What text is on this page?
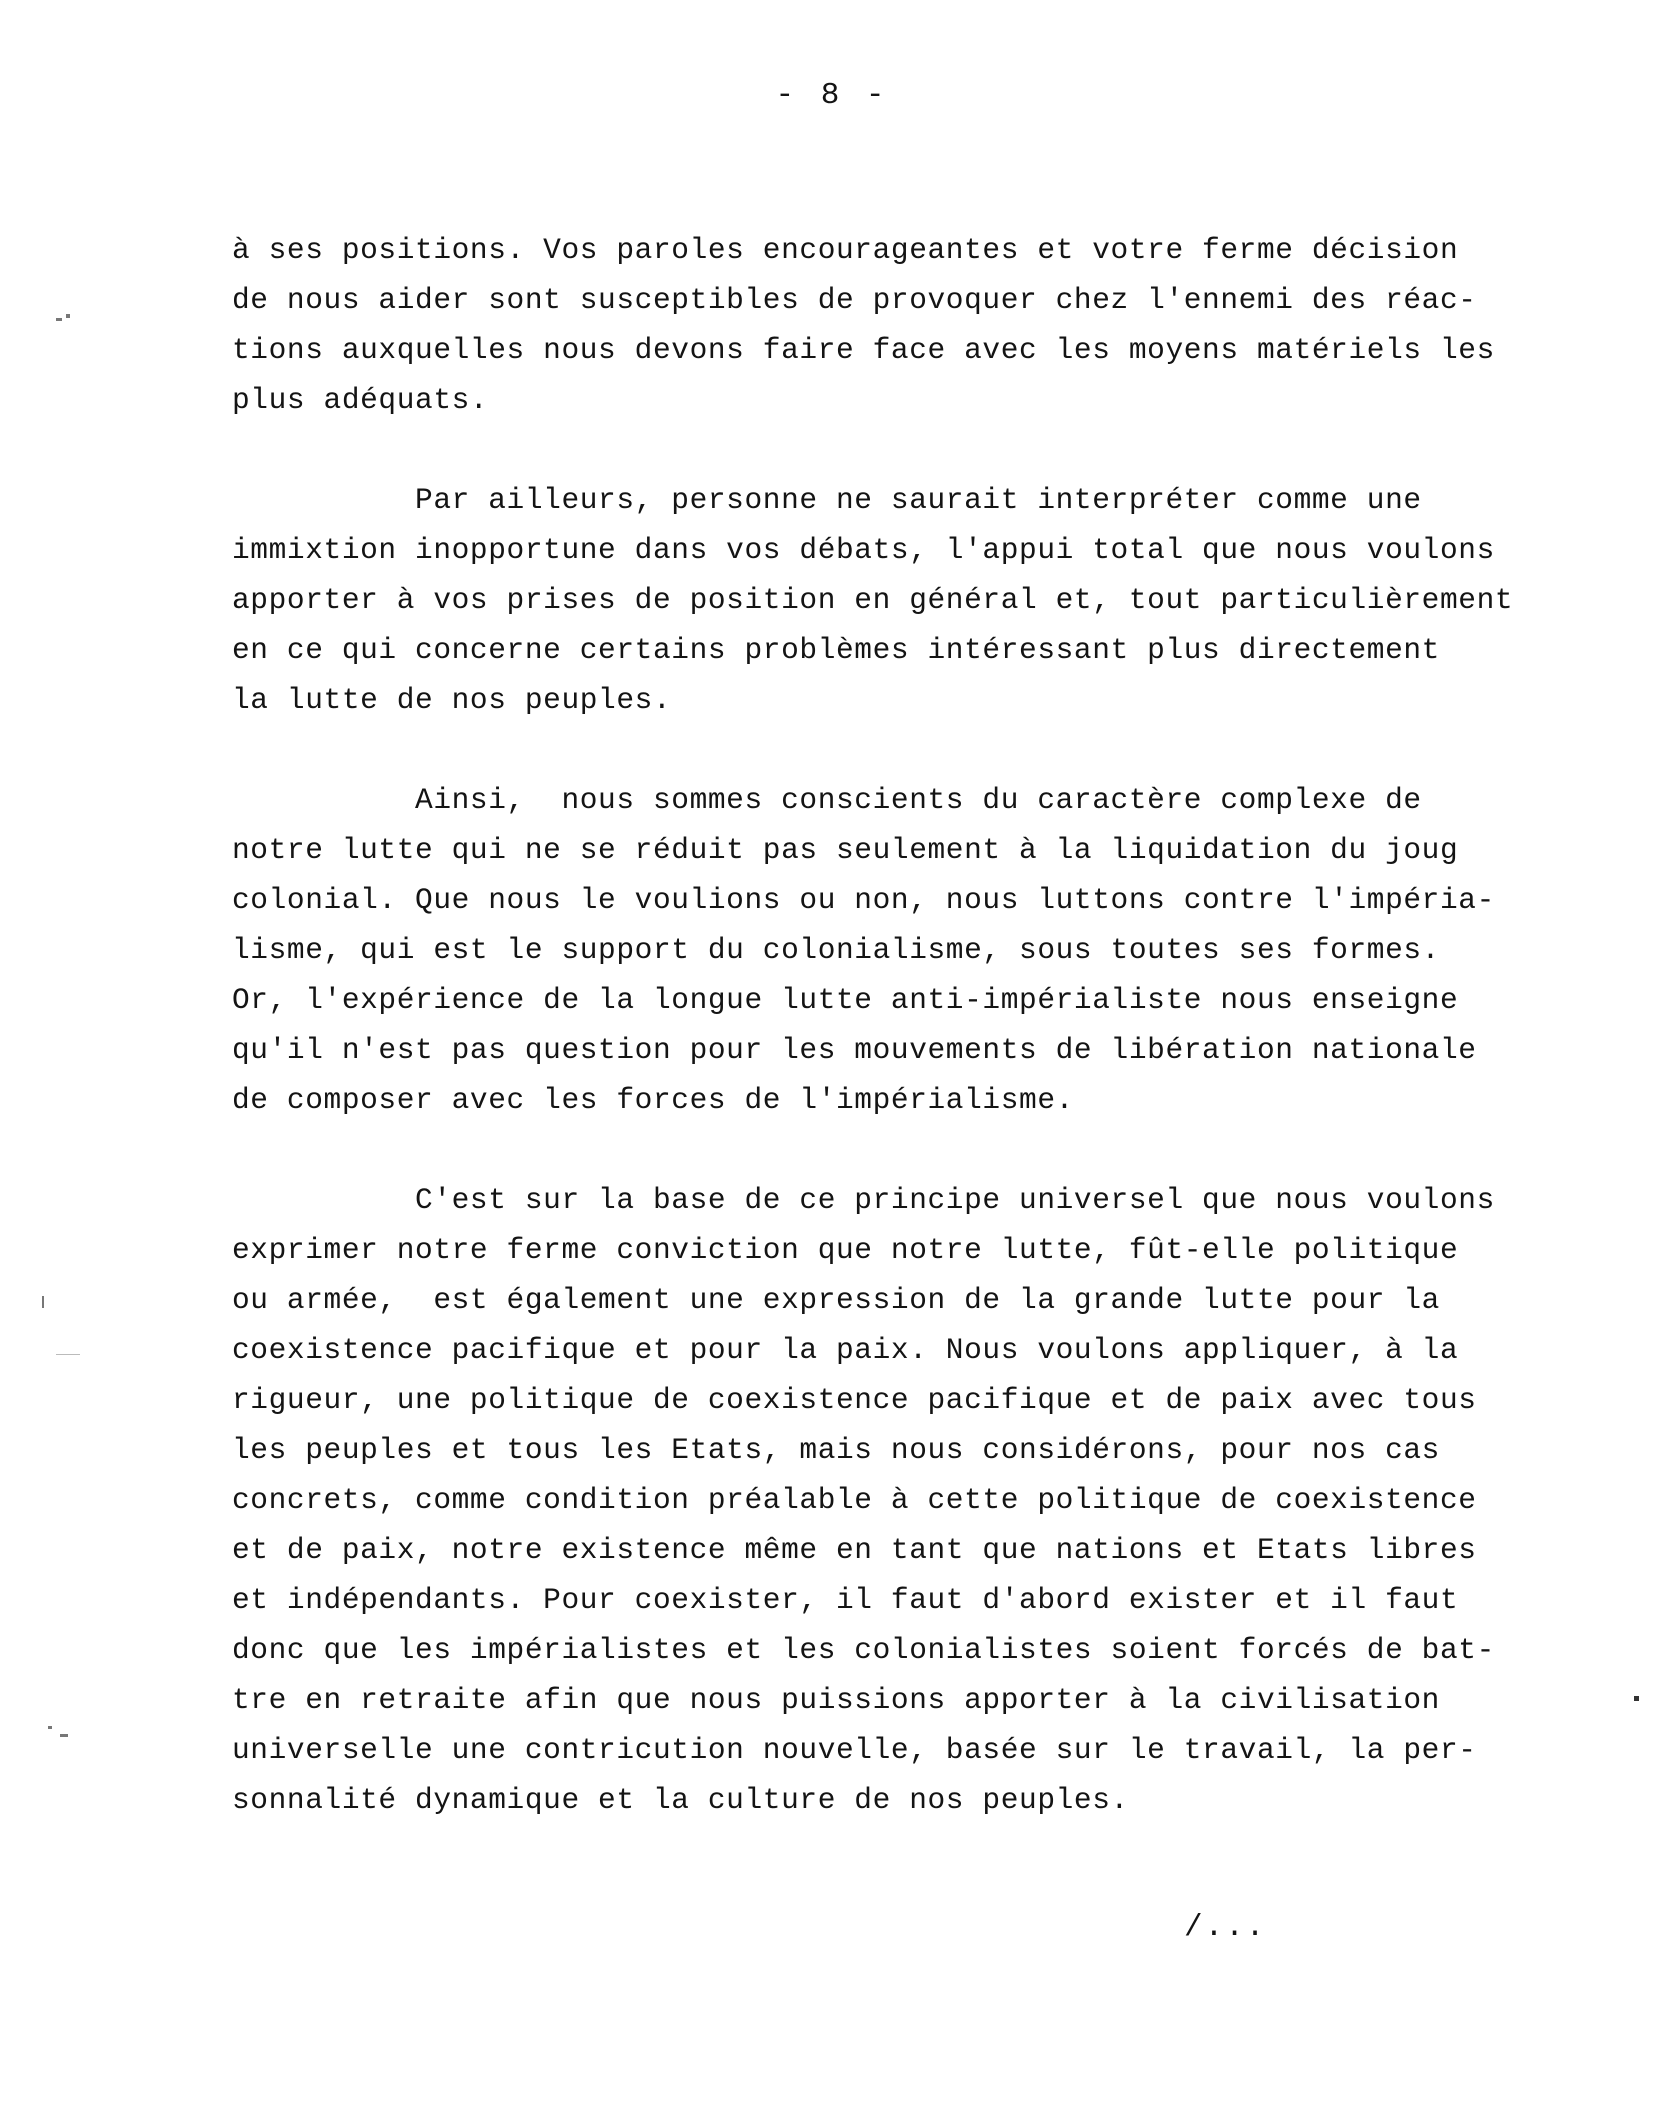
- 8 -
à ses positions. Vos paroles encourageantes et votre ferme décision
de nous aider sont susceptibles de provoquer chez l'ennemi des réac-
tions auxquelles nous devons faire face avec les moyens matériels les
plus adéquats.
Par ailleurs, personne ne saurait interpréter comme une
immixtion inopportune dans vos débats, l'appui total que nous voulons
apporter à vos prises de position en général et, tout particulièrement
en ce qui concerne certains problèmes intéressant plus directement
la lutte de nos peuples.
Ainsi,  nous sommes conscients du caractère complexe de
notre lutte qui ne se réduit pas seulement à la liquidation du joug
colonial. Que nous le voulions ou non, nous luttons contre l'impéria-
lisme, qui est le support du colonialisme, sous toutes ses formes.
Or, l'expérience de la longue lutte anti-impérialiste nous enseigne
qu'il n'est pas question pour les mouvements de libération nationale
de composer avec les forces de l'impérialisme.
C'est sur la base de ce principe universel que nous voulons
exprimer notre ferme conviction que notre lutte, fût-elle politique
ou armée,  est également une expression de la grande lutte pour la
coexistence pacifique et pour la paix. Nous voulons appliquer, à la
rigueur, une politique de coexistence pacifique et de paix avec tous
les peuples et tous les Etats, mais nous considérons, pour nos cas
concrets, comme condition préalable à cette politique de coexistence
et de paix, notre existence même en tant que nations et Etats libres
et indépendants. Pour coexister, il faut d'abord exister et il faut
donc que les impérialistes et les colonialistes soient forcés de bat-
tre en retraite afin que nous puissions apporter à la civilisation
universelle une contricution nouvelle, basée sur le travail, la per-
sonnalité dynamique et la culture de nos peuples.
/...
